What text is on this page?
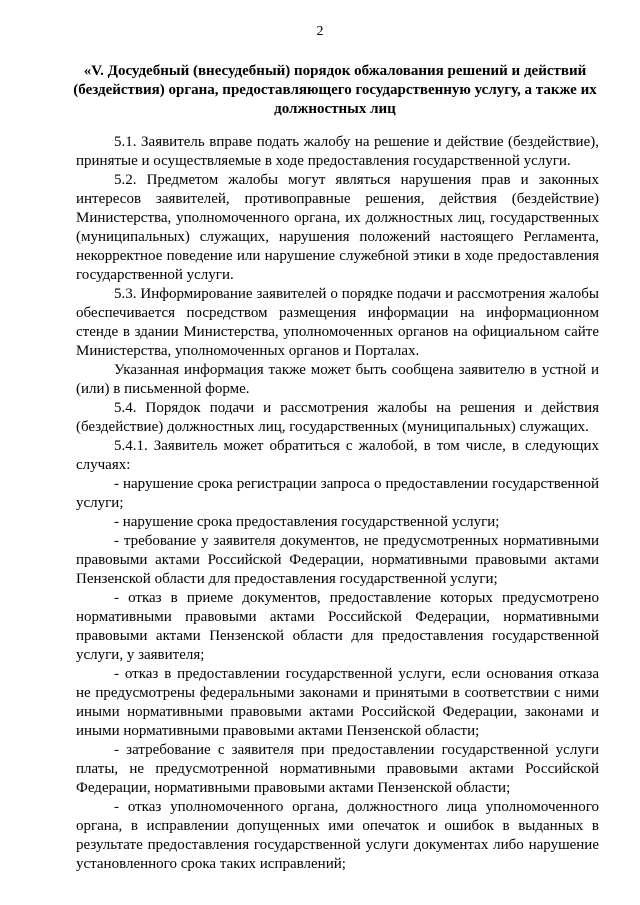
2
«V. Досудебный (внесудебный) порядок обжалования решений и действий (бездействия) органа, предоставляющего государственную услугу, а также их должностных лиц

5.1. Заявитель вправе подать жалобу на решение и действие (бездействие), принятые и осуществляемые в ходе предоставления государственной услуги.

5.2. Предметом жалобы могут являться нарушения прав и законных интересов заявителей, противоправные решения, действия (бездействие) Министерства, уполномоченного органа, их должностных лиц, государственных (муниципальных) служащих, нарушения положений настоящего Регламента, некорректное поведение или нарушение служебной этики в ходе предоставления государственной услуги.

5.3. Информирование заявителей о порядке подачи и рассмотрения жалобы обеспечивается посредством размещения информации на информационном стенде в здании Министерства, уполномоченных органов на официальном сайте Министерства, уполномоченных органов и Порталах.

Указанная информация также может быть сообщена заявителю в устной и (или) в письменной форме.

5.4. Порядок подачи и рассмотрения жалобы на решения и действия (бездействие) должностных лиц, государственных (муниципальных) служащих.

5.4.1. Заявитель может обратиться с жалобой, в том числе, в следующих случаях:

- нарушение срока регистрации запроса о предоставлении государственной услуги;

- нарушение срока предоставления государственной услуги;

- требование у заявителя документов, не предусмотренных нормативными правовыми актами Российской Федерации, нормативными правовыми актами Пензенской области для предоставления государственной услуги;

- отказ в приеме документов, предоставление которых предусмотрено нормативными правовыми актами Российской Федерации, нормативными правовыми актами Пензенской области для предоставления государственной услуги, у заявителя;

- отказ в предоставлении государственной услуги, если основания отказа не предусмотрены федеральными законами и принятыми в соответствии с ними иными нормативными правовыми актами Российской Федерации, законами и иными нормативными правовыми актами Пензенской области;

- затребование с заявителя при предоставлении государственной услуги платы, не предусмотренной нормативными правовыми актами Российской Федерации, нормативными правовыми актами Пензенской области;

- отказ уполномоченного органа, должностного лица уполномоченного органа, в исправлении допущенных ими опечаток и ошибок в выданных в результате предоставления государственной услуги документах либо нарушение установленного срока таких исправлений;
